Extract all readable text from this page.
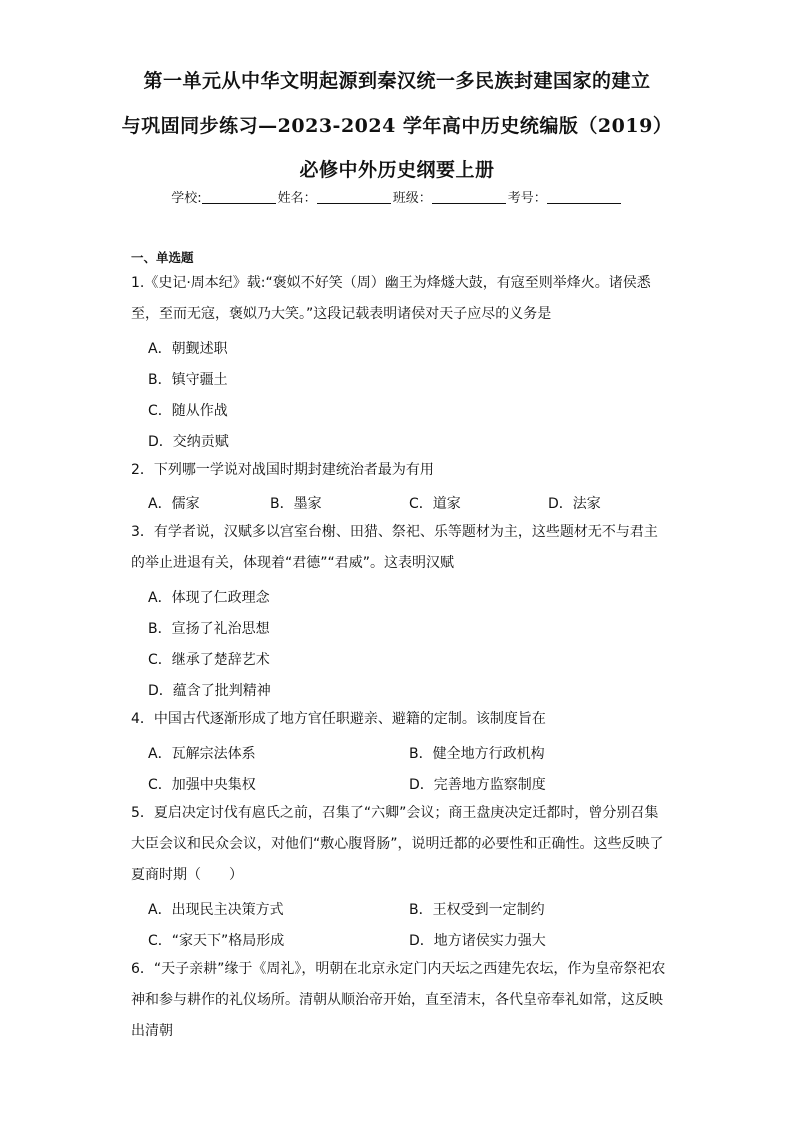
第一单元从中华文明起源到秦汉统一多民族封建国家的建立
与巩固同步练习—2023-2024 学年高中历史统编版（2019）
必修中外历史纲要上册
学校:	姓名：	班级：	考号：
一、单选题
1.《史记·周本纪》载:“褒姒不好笑（周）幽王为烽燧大鼓，有寇至则举烽火。诸侯悉
至，至而无寇，褒姒乃大笑。”这段记载表明诸侯对天子应尽的义务是
A．朝觐述职
B．镇守疆土
C．随从作战
D．交纳贡赋
2．下列哪一学说对战国时期封建统治者最为有用
A．儒家	B．墨家	C．道家	D．法家
3．有学者说，汉赋多以宫室台榭、田猎、祭祀、乐等题材为主，这些题材无不与君主
的举止进退有关，体现着“君德”“君威”。这表明汉赋
A．体现了仁政理念
B．宣扬了礼治思想
C．继承了楚辞艺术
D．蕴含了批判精神
4．中国古代逐渐形成了地方官任职避亲、避籍的定制。该制度旨在
A．瓦解宗法体系	B．健全地方行政机构
C．加强中央集权	D．完善地方监察制度
5．夏启决定讨伐有扈氏之前，召集了“六卿”会议；商王盘庚决定迁都时，曾分别召集
大臣会议和民众会议，对他们“敷心腹肾肠”，说明迁都的必要性和正确性。这些反映了
夏商时期（　　）
A．出现民主决策方式	B．王权受到一定制约
C．“家天下”格局形成	D．地方诸侯实力强大
6．“天子亲耕”缘于《周礼》，明朝在北京永定门内天坛之西建先农坛，作为皇帝祭祀农
神和参与耕作的礼仪场所。清朝从顺治帝开始，直至清末，各代皇帝奉礼如常，这反映
出清朝
